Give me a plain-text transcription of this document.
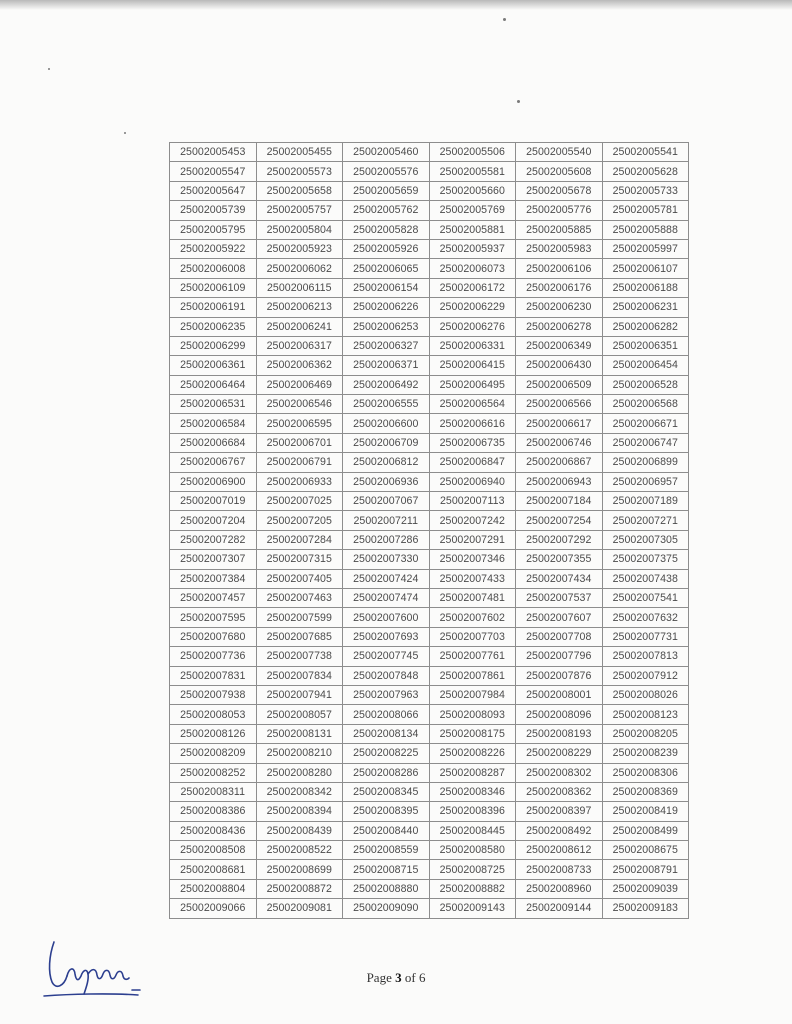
25002005453	25002005455	25002005460	25002005506	25002005540	25002005541
25002005547	25002005573	25002005576	25002005581	25002005608	25002005628
25002005647	25002005658	25002005659	25002005660	25002005678	25002005733
25002005739	25002005757	25002005762	25002005769	25002005776	25002005781
25002005795	25002005804	25002005828	25002005881	25002005885	25002005888
25002005922	25002005923	25002005926	25002005937	25002005983	25002005997
25002006008	25002006062	25002006065	25002006073	25002006106	25002006107
25002006109	25002006115	25002006154	25002006172	25002006176	25002006188
25002006191	25002006213	25002006226	25002006229	25002006230	25002006231
25002006235	25002006241	25002006253	25002006276	25002006278	25002006282
25002006299	25002006317	25002006327	25002006331	25002006349	25002006351
25002006361	25002006362	25002006371	25002006415	25002006430	25002006454
25002006464	25002006469	25002006492	25002006495	25002006509	25002006528
25002006531	25002006546	25002006555	25002006564	25002006566	25002006568
25002006584	25002006595	25002006600	25002006616	25002006617	25002006671
25002006684	25002006701	25002006709	25002006735	25002006746	25002006747
25002006767	25002006791	25002006812	25002006847	25002006867	25002006899
25002006900	25002006933	25002006936	25002006940	25002006943	25002006957
25002007019	25002007025	25002007067	25002007113	25002007184	25002007189
25002007204	25002007205	25002007211	25002007242	25002007254	25002007271
25002007282	25002007284	25002007286	25002007291	25002007292	25002007305
25002007307	25002007315	25002007330	25002007346	25002007355	25002007375
25002007384	25002007405	25002007424	25002007433	25002007434	25002007438
25002007457	25002007463	25002007474	25002007481	25002007537	25002007541
25002007595	25002007599	25002007600	25002007602	25002007607	25002007632
25002007680	25002007685	25002007693	25002007703	25002007708	25002007731
25002007736	25002007738	25002007745	25002007761	25002007796	25002007813
25002007831	25002007834	25002007848	25002007861	25002007876	25002007912
25002007938	25002007941	25002007963	25002007984	25002008001	25002008026
25002008053	25002008057	25002008066	25002008093	25002008096	25002008123
25002008126	25002008131	25002008134	25002008175	25002008193	25002008205
25002008209	25002008210	25002008225	25002008226	25002008229	25002008239
25002008252	25002008280	25002008286	25002008287	25002008302	25002008306
25002008311	25002008342	25002008345	25002008346	25002008362	25002008369
25002008386	25002008394	25002008395	25002008396	25002008397	25002008419
25002008436	25002008439	25002008440	25002008445	25002008492	25002008499
25002008508	25002008522	25002008559	25002008580	25002008612	25002008675
25002008681	25002008699	25002008715	25002008725	25002008733	25002008791
25002008804	25002008872	25002008880	25002008882	25002008960	25002009039
25002009066	25002009081	25002009090	25002009143	25002009144	25002009183
Page 3 of 6
